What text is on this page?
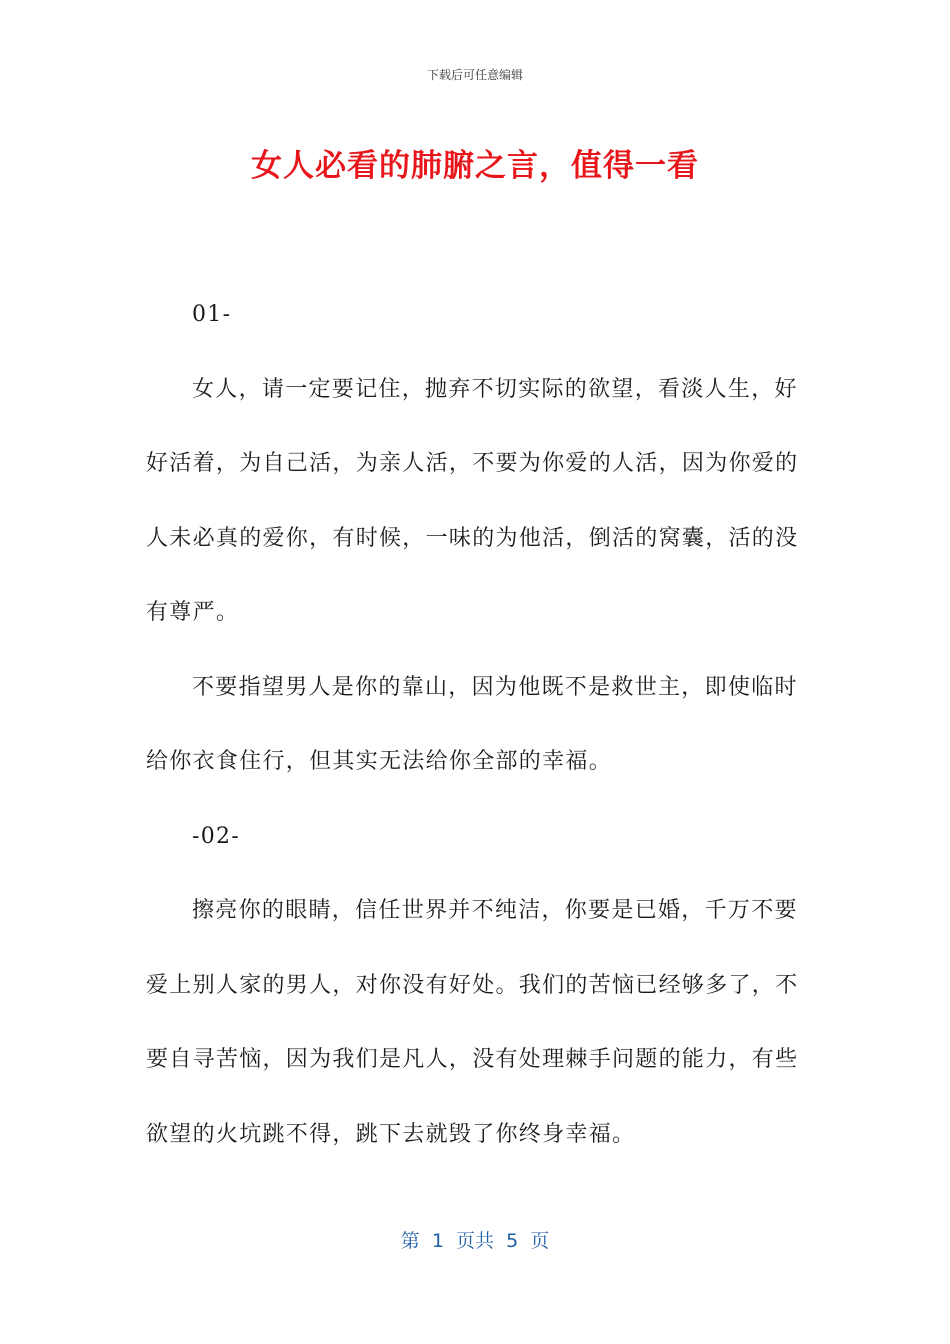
下载后可任意编辑
女人必看的肺腑之言，值得一看

01-

女人，请一定要记住，抛弃不切实际的欲望，看淡人生，好好活着，为自己活，为亲人活，不要为你爱的人活，因为你爱的人未必真的爱你，有时候，一味的为他活，倒活的窝囊，活的没有尊严。

不要指望男人是你的靠山，因为他既不是救世主，即使临时给你衣食住行，但其实无法给你全部的幸福。

-02-

擦亮你的眼睛，信任世界并不纯洁，你要是已婚，千万不要爱上别人家的男人，对你没有好处。我们的苦恼已经够多了，不要自寻苦恼，因为我们是凡人，没有处理棘手问题的能力，有些欲望的火坑跳不得，跳下去就毁了你终身幸福。

第  1  页共  5  页
